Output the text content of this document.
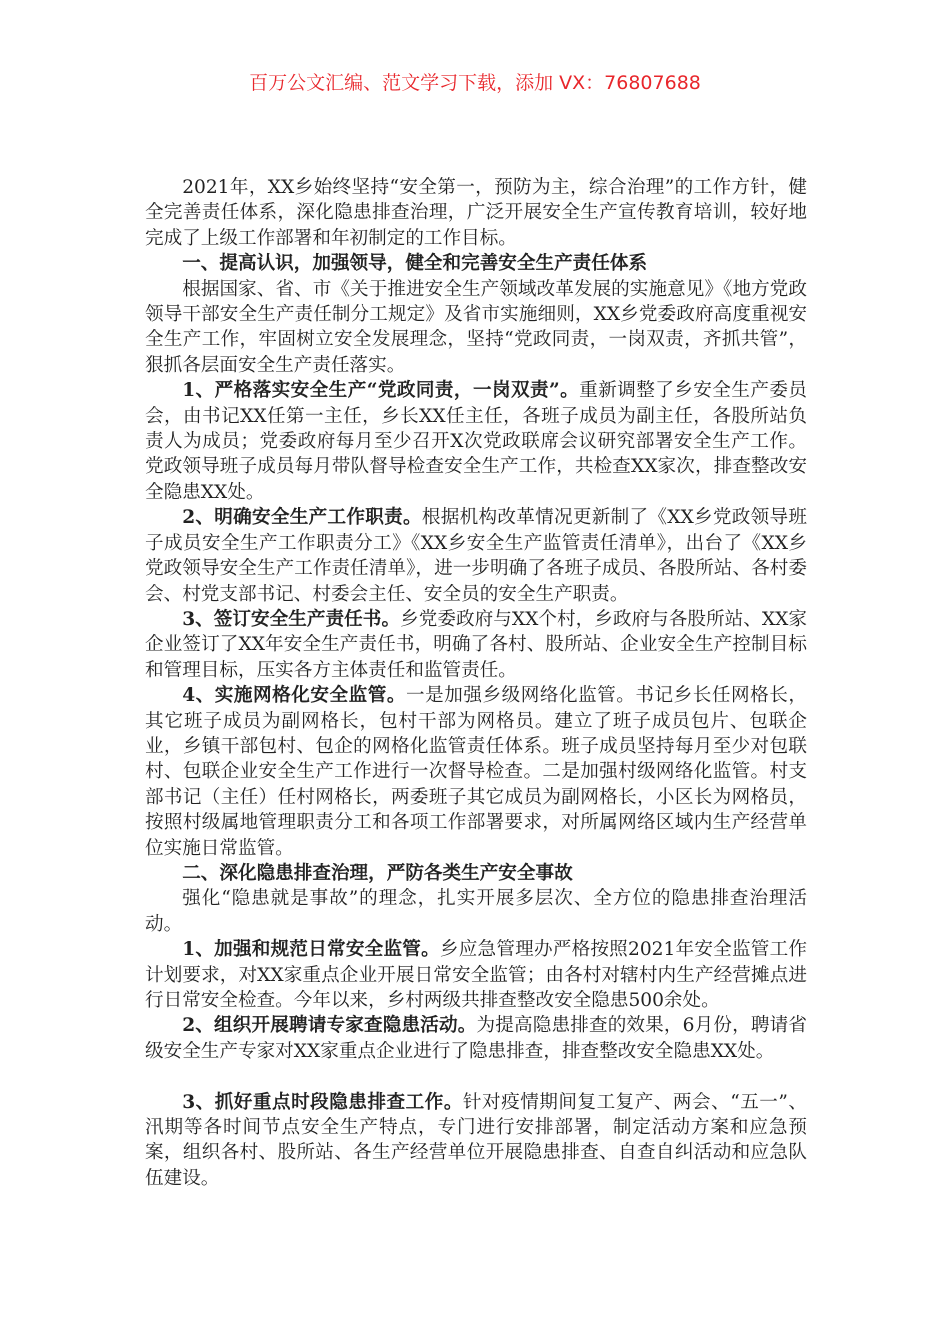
百万公文汇编、范文学习下载，添加 VX：76807688

2021年，XX乡始终坚持“安全第一，预防为主，综合治理”的工作方针，健全完善责任体系，深化隐患排查治理，广泛开展安全生产宣传教育培训，较好地完成了上级工作部署和年初制定的工作目标。

一、提高认识，加强领导，健全和完善安全生产责任体系

根据国家、省、市《关于推进安全生产领域改革发展的实施意见》《地方党政领导干部安全生产责任制分工规定》及省市实施细则，XX乡党委政府高度重视安全生产工作，牢固树立安全发展理念，坚持“党政同责，一岗双责，齐抓共管”，狠抓各层面安全生产责任落实。

1、严格落实安全生产“党政同责，一岗双责”。重新调整了乡安全生产委员会，由书记XX任第一主任，乡长XX任主任，各班子成员为副主任，各股所站负责人为成员；党委政府每月至少召开X次党政联席会议研究部署安全生产工作。党政领导班子成员每月带队督导检查安全生产工作，共检查XX家次，排查整改安全隐患XX处。

2、明确安全生产工作职责。根据机构改革情况更新制了《XX乡党政领导班子成员安全生产工作职责分工》《XX乡安全生产监管责任清单》，出台了《XX乡党政领导安全生产工作责任清单》，进一步明确了各班子成员、各股所站、各村委会、村党支部书记、村委会主任、安全员的安全生产职责。

3、签订安全生产责任书。乡党委政府与XX个村，乡政府与各股所站、XX家企业签订了XX年安全生产责任书，明确了各村、股所站、企业安全生产控制目标和管理目标，压实各方主体责任和监管责任。

4、实施网格化安全监管。一是加强乡级网络化监管。书记乡长任网格长，其它班子成员为副网格长，包村干部为网格员。建立了班子成员包片、包联企业，乡镇干部包村、包企的网格化监管责任体系。班子成员坚持每月至少对包联村、包联企业安全生产工作进行一次督导检查。二是加强村级网络化监管。村支部书记（主任）任村网格长，两委班子其它成员为副网格长，小区长为网格员，按照村级属地管理职责分工和各项工作部署要求，对所属网络区域内生产经营单位实施日常监管。

二、深化隐患排查治理，严防各类生产安全事故

强化“隐患就是事故”的理念，扎实开展多层次、全方位的隐患排查治理活动。

1、加强和规范日常安全监管。乡应急管理办严格按照2021年安全监管工作计划要求，对XX家重点企业开展日常安全监管；由各村对辖村内生产经营摊点进行日常安全检查。今年以来，乡村两级共排查整改安全隐患500余处。

2、组织开展聘请专家查隐患活动。为提高隐患排查的效果，6月份，聘请省级安全生产专家对XX家重点企业进行了隐患排查，排查整改安全隐患XX处。

3、抓好重点时段隐患排查工作。针对疫情期间复工复产、两会、“五一”、汛期等各时间节点安全生产特点，专门进行安排部署，制定活动方案和应急预案，组织各村、股所站、各生产经营单位开展隐患排查、自查自纠活动和应急队伍建设。
